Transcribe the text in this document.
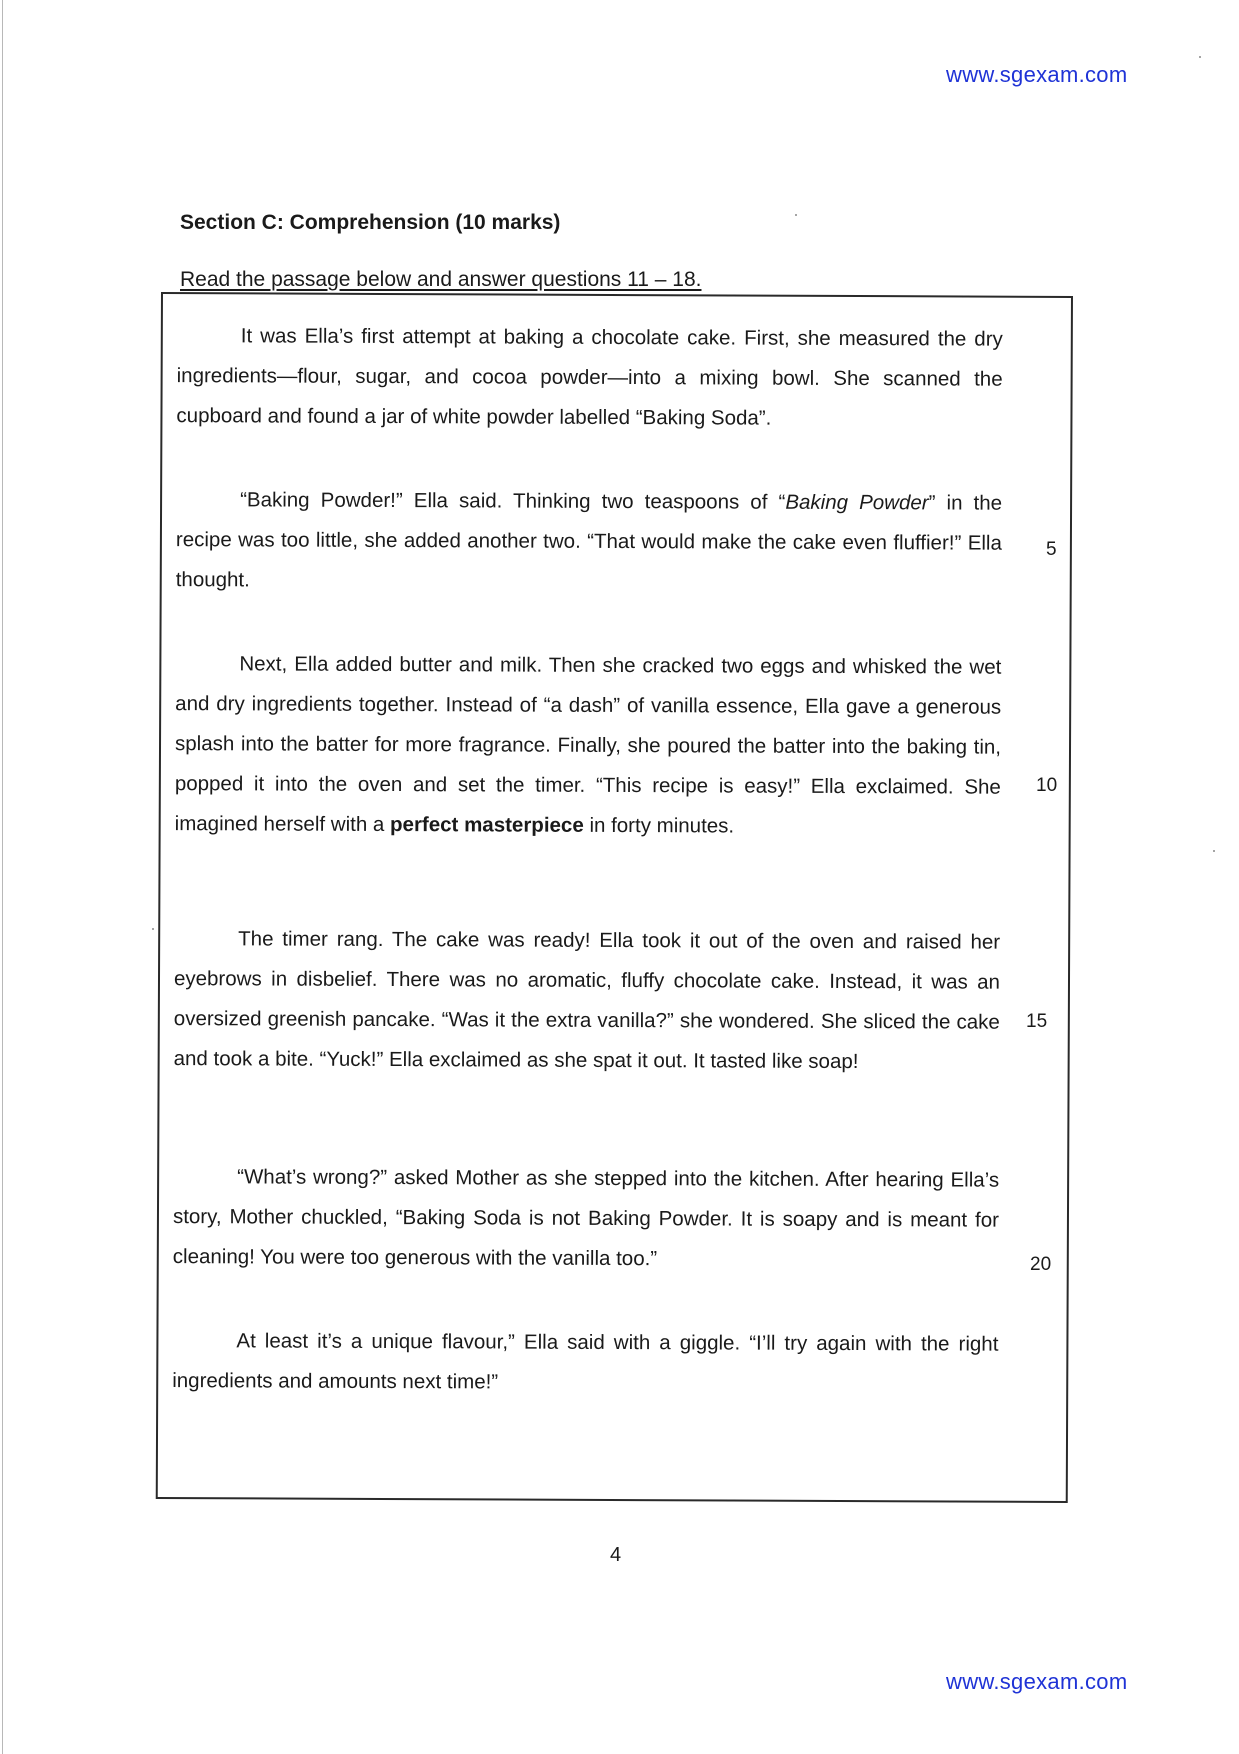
www.sgexam.com
Section C: Comprehension (10 marks)
Read the passage below and answer questions 11 – 18.

It was Ella’s first attempt at baking a chocolate cake. First, she measured the dry ingredients—flour, sugar, and cocoa powder—into a mixing bowl. She scanned the cupboard and found a jar of white powder labelled “Baking Soda”.

“Baking Powder!” Ella said. Thinking two teaspoons of “Baking Powder” in the recipe was too little, she added another two. “That would make the cake even fluffier!” Ella thought.

Next, Ella added butter and milk. Then she cracked two eggs and whisked the wet and dry ingredients together. Instead of “a dash” of vanilla essence, Ella gave a generous splash into the batter for more fragrance. Finally, she poured the batter into the baking tin, popped it into the oven and set the timer. “This recipe is easy!” Ella exclaimed. She imagined herself with a perfect masterpiece in forty minutes.

The timer rang. The cake was ready! Ella took it out of the oven and raised her eyebrows in disbelief. There was no aromatic, fluffy chocolate cake. Instead, it was an oversized greenish pancake. “Was it the extra vanilla?” she wondered. She sliced the cake and took a bite. “Yuck!” Ella exclaimed as she spat it out. It tasted like soap!

“What’s wrong?” asked Mother as she stepped into the kitchen. After hearing Ella’s story, Mother chuckled, “Baking Soda is not Baking Powder. It is soapy and is meant for cleaning! You were too generous with the vanilla too.”

At least it’s a unique flavour,” Ella said with a giggle. “I’ll try again with the right ingredients and amounts next time!”

5
10
15
20
4
www.sgexam.com
